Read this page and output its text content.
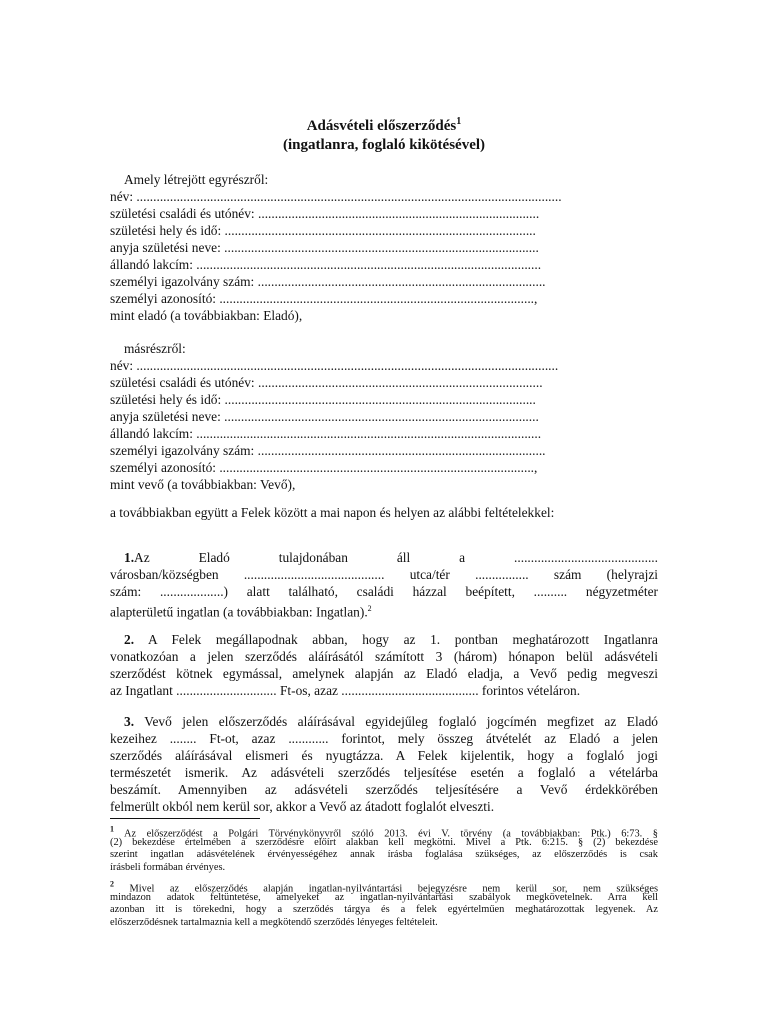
Adásvételi előszerződés$^1$
(ingatlanra, foglaló kikötésével)
Amely létrejött egyrészről:
név: ...............................................................................................................................
születési családi és utónév: ....................................................................................
születési hely és idő: .............................................................................................
anyja születési neve: ..............................................................................................
állandó lakcím: .......................................................................................................
személyi igazolvány szám: ......................................................................................
személyi azonosító: ..............................................................................................,
mint eladó (a továbbiakban: Eladó),
másrészről:
név: ..............................................................................................................................
születési családi és utónév: .....................................................................................
születési hely és idő: .............................................................................................
anyja születési neve: ..............................................................................................
állandó lakcím: .......................................................................................................
személyi igazolvány szám: ......................................................................................
személyi azonosító: ..............................................................................................,
mint vevő (a továbbiakban: Vevő),
a továbbiakban együtt a Felek között a mai napon és helyen az alábbi feltételekkel:
1.Az Eladó tulajdonában áll a ...........................................
városban/községben .......................................... utca/tér ................ szám (helyrajzi
szám: ...................) alatt található, családi házzal beépített, .......... négyzetméter
alapterületű ingatlan (a továbbiakban: Ingatlan).$^2$
2. A Felek megállapodnak abban, hogy az 1. pontban meghatározott Ingatlanra
vonatkozóan a jelen szerződés aláírásától számított 3 (három) hónapon belül adásvételi
szerződést kötnek egymással, amelynek alapján az Eladó eladja, a Vevő pedig megveszi
az Ingatlant .............................. Ft-os, azaz ......................................... forintos vételáron.
3. Vevő jelen előszerződés aláírásával egyidejűleg foglaló jogcímén megfizet az Eladó
kezeihez ........ Ft-ot, azaz ............ forintot, mely összeg átvételét az Eladó a jelen
szerződés aláírásával elismeri és nyugtázza. A Felek kijelentik, hogy a foglaló jogi
természetét ismerik. Az adásvételi szerződés teljesítése esetén a foglaló a vételárba
beszámít. Amennyiben az adásvételi szerződés teljesítésére a Vevő érdekkörében
felmerült okból nem kerül sor, akkor a Vevő az átadott foglalót elveszti.
$^1$ Az előszerződést a Polgári Törvénykönyvről szóló 2013. évi V. törvény (a továbbiakban: Ptk.) 6:73. §
(2) bekezdése értelmében a szerződésre előírt alakban kell megkötni. Mivel a Ptk. 6:215. § (2) bekezdése
szerint ingatlan adásvételének érvényességéhez annak írásba foglalása szükséges, az előszerződés is csak
írásbeli formában érvényes.
$^2$ Mivel az előszerződés alapján ingatlan-nyilvántartási bejegyzésre nem kerül sor, nem szükséges
mindazon adatok feltüntetése, amelyeket az ingatlan-nyilvántartási szabályok megkövetelnek. Arra kell
azonban itt is törekedni, hogy a szerződés tárgya és a felek egyértelműen meghatározottak legyenek. Az
előszerződésnek tartalmaznia kell a megkötendő szerződés lényeges feltételeit.
